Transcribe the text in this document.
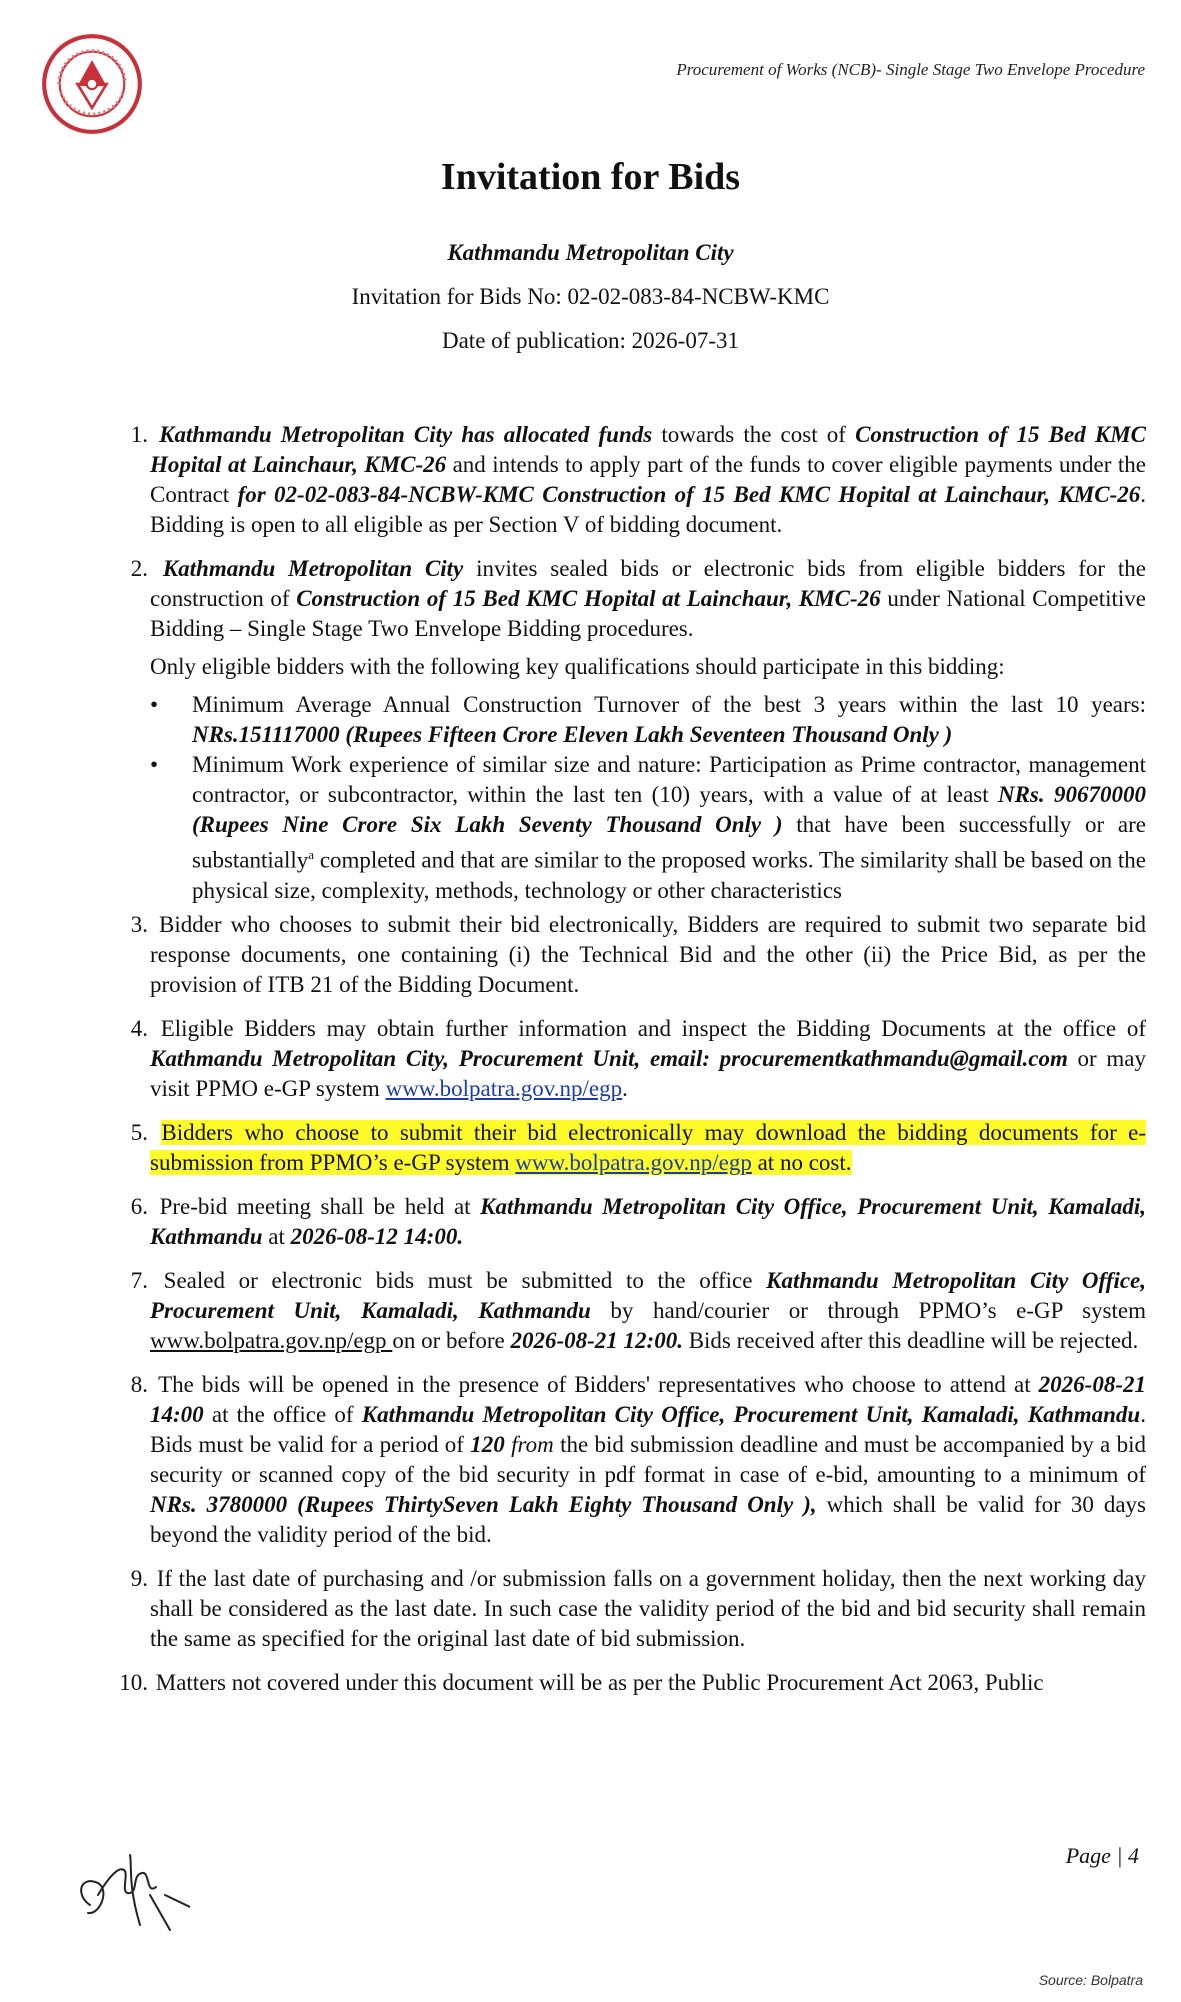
Procurement of Works (NCB)- Single Stage Two Envelope Procedure
Invitation for Bids
Kathmandu Metropolitan City
Invitation for Bids No: 02-02-083-84-NCBW-KMC
Date of publication: 2026-07-31
1. Kathmandu Metropolitan City has allocated funds towards the cost of Construction of 15 Bed KMC Hopital at Lainchaur, KMC-26 and intends to apply part of the funds to cover eligible payments under the Contract for 02-02-083-84-NCBW-KMC Construction of 15 Bed KMC Hopital at Lainchaur, KMC-26. Bidding is open to all eligible as per Section V of bidding document.
2. Kathmandu Metropolitan City invites sealed bids or electronic bids from eligible bidders for the construction of Construction of 15 Bed KMC Hopital at Lainchaur, KMC-26 under National Competitive Bidding – Single Stage Two Envelope Bidding procedures.
Only eligible bidders with the following key qualifications should participate in this bidding:
•	Minimum Average Annual Construction Turnover of the best 3 years within the last 10 years: NRs.151117000 (Rupees Fifteen Crore Eleven Lakh Seventeen Thousand Only )
•	Minimum Work experience of similar size and nature: Participation as Prime contractor, management contractor, or subcontractor, within the last ten (10) years, with a value of at least NRs. 90670000 (Rupees Nine Crore Six Lakh Seventy Thousand Only ) that have been successfully or are substantially$^a$ completed and that are similar to the proposed works. The similarity shall be based on the physical size, complexity, methods, technology or other characteristics
3. Bidder who chooses to submit their bid electronically, Bidders are required to submit two separate bid response documents, one containing (i) the Technical Bid and the other (ii) the Price Bid, as per the provision of ITB 21 of the Bidding Document.
4. Eligible Bidders may obtain further information and inspect the Bidding Documents at the office of Kathmandu Metropolitan City, Procurement Unit, email: procurementkathmandu@gmail.com or may visit PPMO e-GP system www.bolpatra.gov.np/egp.
5. Bidders who choose to submit their bid electronically may download the bidding documents for e-submission from PPMO’s e-GP system www.bolpatra.gov.np/egp at no cost.
6. Pre-bid meeting shall be held at Kathmandu Metropolitan City Office, Procurement Unit, Kamaladi, Kathmandu at 2026-08-12 14:00.
7. Sealed or electronic bids must be submitted to the office Kathmandu Metropolitan City Office, Procurement Unit, Kamaladi, Kathmandu by hand/courier or through PPMO’s e-GP system www.bolpatra.gov.np/egp on or before 2026-08-21 12:00. Bids received after this deadline will be rejected.
8. The bids will be opened in the presence of Bidders' representatives who choose to attend at 2026-08-21 14:00 at the office of Kathmandu Metropolitan City Office, Procurement Unit, Kamaladi, Kathmandu. Bids must be valid for a period of 120 from the bid submission deadline and must be accompanied by a bid security or scanned copy of the bid security in pdf format in case of e-bid, amounting to a minimum of NRs. 3780000 (Rupees ThirtySeven Lakh Eighty Thousand Only ), which shall be valid for 30 days beyond the validity period of the bid.
9. If the last date of purchasing and /or submission falls on a government holiday, then the next working day shall be considered as the last date. In such case the validity period of the bid and bid security shall remain the same as specified for the original last date of bid submission.
10. Matters not covered under this document will be as per the Public Procurement Act 2063, Public
Page | 4
Source: Bolpatra
